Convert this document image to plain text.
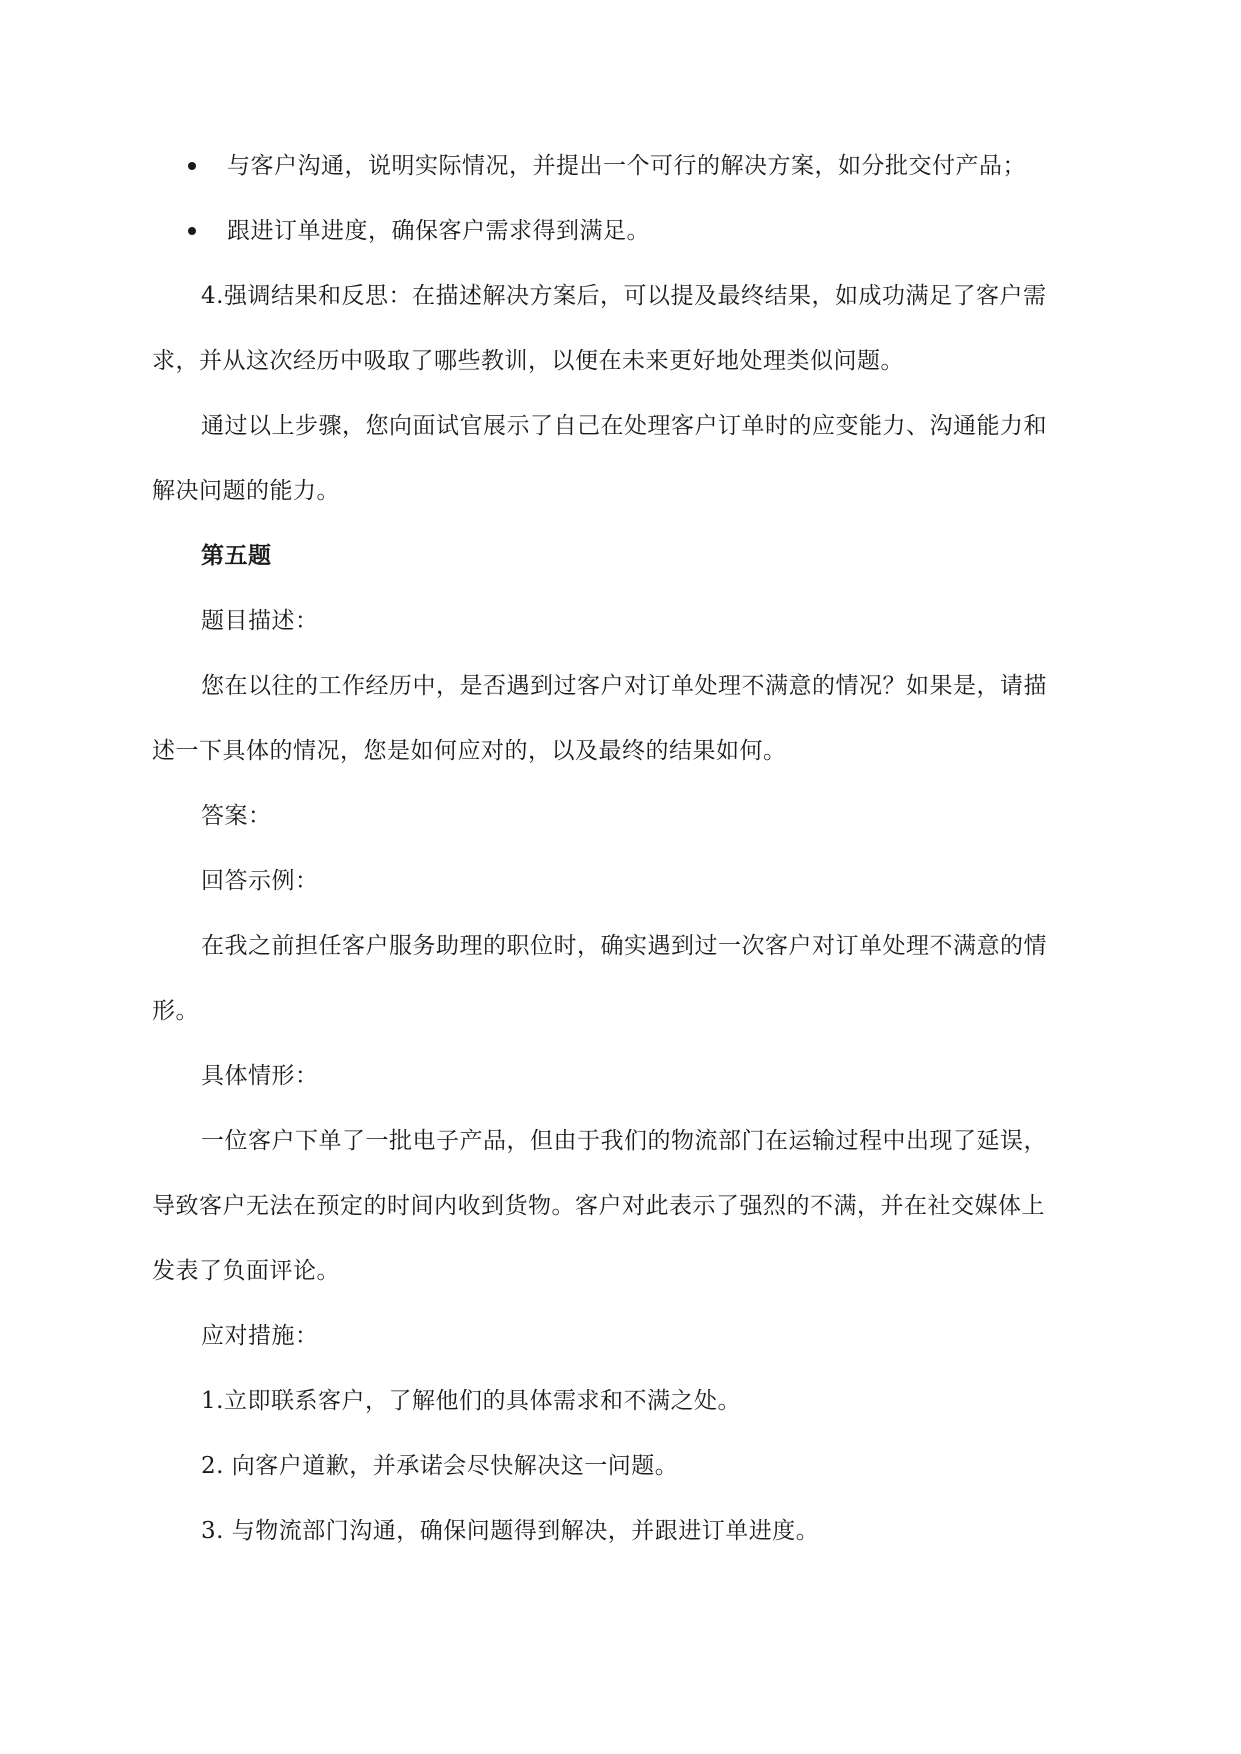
与客户沟通，说明实际情况，并提出一个可行的解决方案，如分批交付产品；
跟进订单进度，确保客户需求得到满足。
4.强调结果和反思：在描述解决方案后，可以提及最终结果，如成功满足了客户需
求，并从这次经历中吸取了哪些教训，以便在未来更好地处理类似问题。
通过以上步骤，您向面试官展示了自己在处理客户订单时的应变能力、沟通能力和
解决问题的能力。
第五题
题目描述：
您在以往的工作经历中，是否遇到过客户对订单处理不满意的情况？如果是，请描
述一下具体的情况，您是如何应对的，以及最终的结果如何。
答案：
回答示例：
在我之前担任客户服务助理的职位时，确实遇到过一次客户对订单处理不满意的情
形。
具体情形：
一位客户下单了一批电子产品，但由于我们的物流部门在运输过程中出现了延误，
导致客户无法在预定的时间内收到货物。客户对此表示了强烈的不满，并在社交媒体上
发表了负面评论。
应对措施：
1.立即联系客户，了解他们的具体需求和不满之处。
2. 向客户道歉，并承诺会尽快解决这一问题。
3. 与物流部门沟通，确保问题得到解决，并跟进订单进度。
